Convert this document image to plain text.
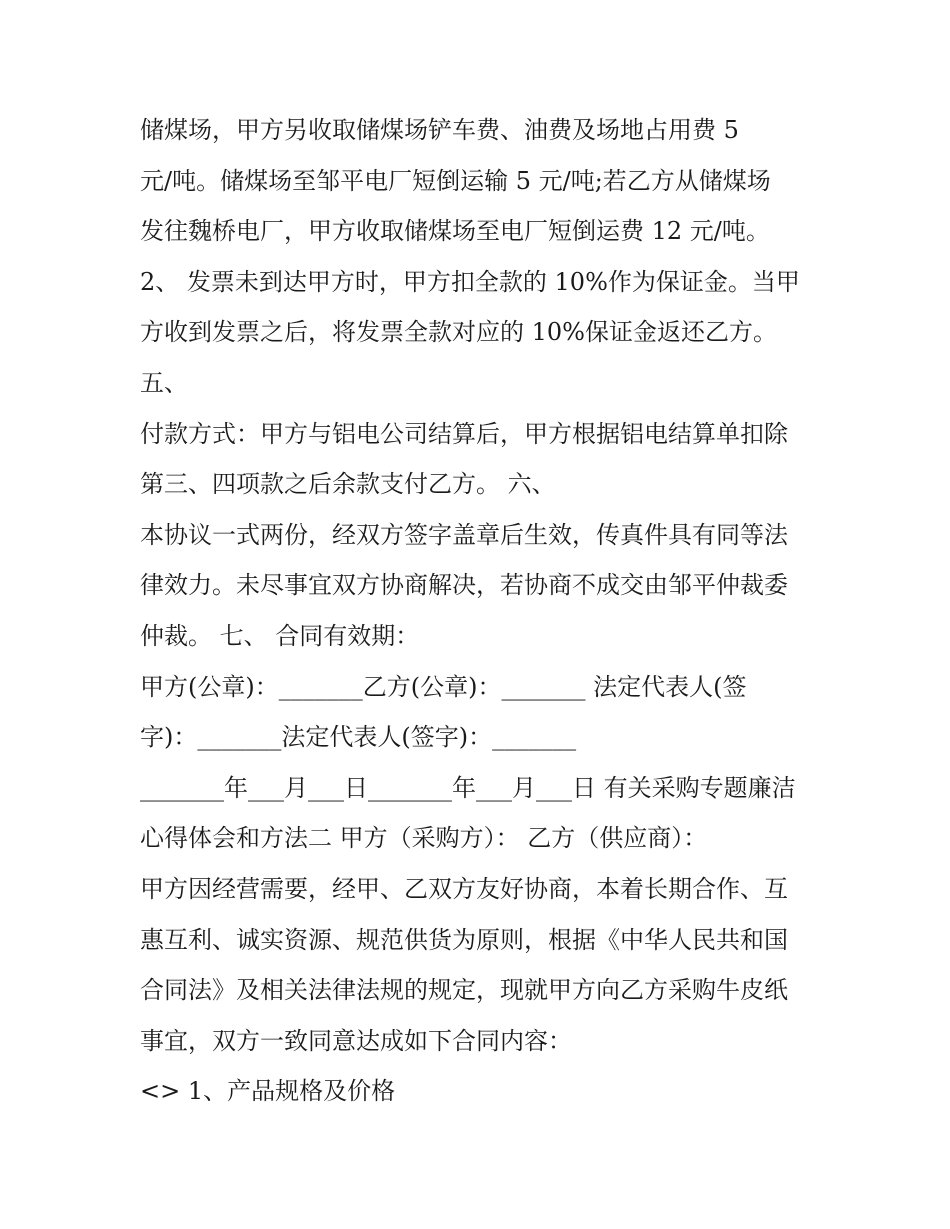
储煤场，甲方另收取储煤场铲车费、油费及场地占用费 5

元/吨。储煤场至邹平电厂短倒运输 5 元/吨;若乙方从储煤场

发往魏桥电厂，甲方收取储煤场至电厂短倒运费 12 元/吨。

2、 发票未到达甲方时，甲方扣全款的 10%作为保证金。当甲

方收到发票之后，将发票全款对应的 10%保证金返还乙方。

五、

付款方式：甲方与铝电公司结算后，甲方根据铝电结算单扣除

第三、四项款之后余款支付乙方。 六、

本协议一式两份，经双方签字盖章后生效，传真件具有同等法

律效力。未尽事宜双方协商解决，若协商不成交由邹平仲裁委

仲裁。 七、 合同有效期：

甲方(公章)：_______乙方(公章)：_______ 法定代表人(签

字)：_______法定代表人(签字)：_______

_______年___月___日_______年___月___日 有关采购专题廉洁

心得体会和方法二 甲方（采购方）： 乙方（供应商）：

甲方因经营需要，经甲、乙双方友好协商，本着长期合作、互

惠互利、诚实资源、规范供货为原则，根据《中华人民共和国

合同法》及相关法律法规的规定，现就甲方向乙方采购牛皮纸

事宜，双方一致同意达成如下合同内容：

<> 1、产品规格及价格
